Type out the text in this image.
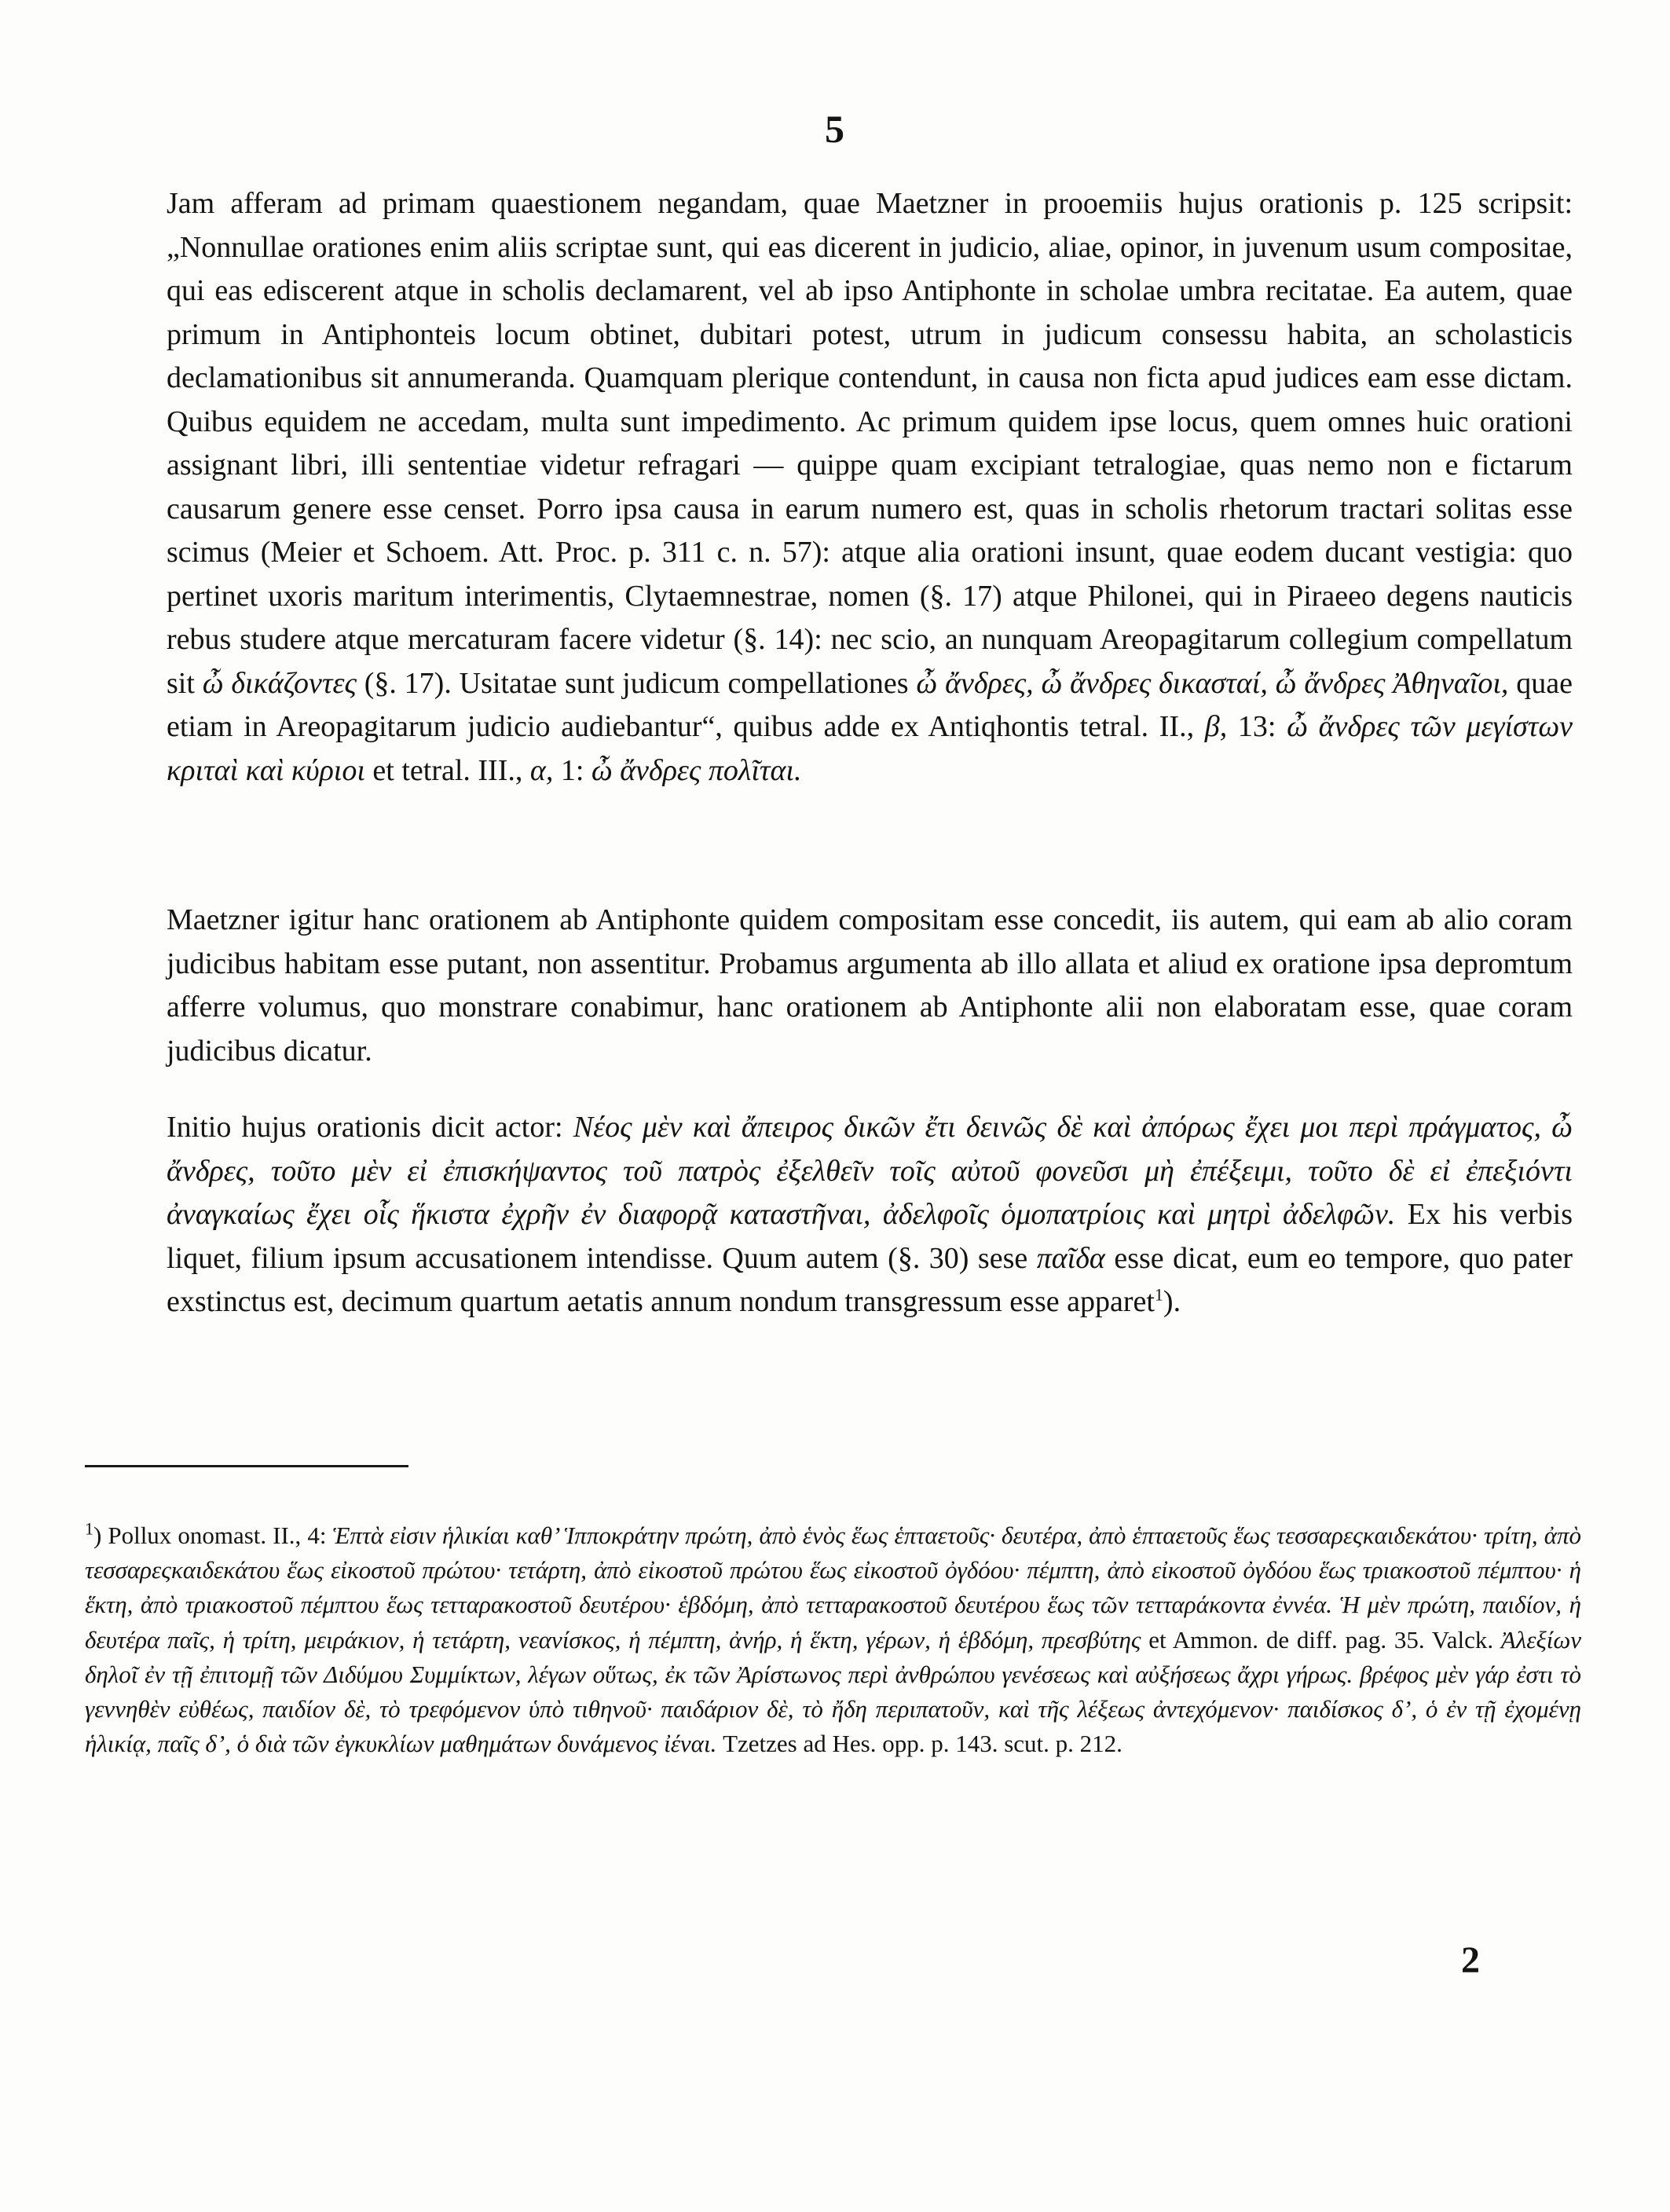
5

Jam afferam ad primam quaestionem negandam, quae Maetzner in prooemiis hujus orationis p. 125 scripsit: „Nonnullae orationes enim aliis scriptae sunt, qui eas dicerent in judicio, aliae, opinor, in juvenum usum compositae, qui eas ediscerent atque in scholis declamarent, vel ab ipso Antiphonte in scholae umbra recitatae. Ea autem, quae primum in Antiphonteis locum obtinet, dubitari potest, utrum in judicum consessu habita, an scholasticis declamationibus sit annumeranda. Quamquam plerique contendunt, in causa non ficta apud judices eam esse dictam. Quibus equidem ne accedam, multa sunt impedimento. Ac primum quidem ipse locus, quem omnes huic orationi assignant libri, illi sententiae videtur refragari — quippe quam excipiant tetralogiae, quas nemo non e fictarum causarum genere esse censet. Porro ipsa causa in earum numero est, quas in scholis rhetorum tractari solitas esse scimus (Meier et Schoem. Att. Proc. p. 311 c. n. 57): atque alia orationi insunt, quae eodem ducant vestigia: quo pertinet uxoris maritum interimentis, Clytaemnestrae, nomen (§. 17) atque Philonei, qui in Piraeeo degens nauticis rebus studere atque mercaturam facere videtur (§. 14): nec scio, an nunquam Areopagitarum collegium compellatum sit ὦ δικάζοντες (§. 17). Usitatae sunt judicum compellationes ὦ ἄνδρες, ὦ ἄνδρες δικασταί, ὦ ἄνδρες Ἀθηναῖοι, quae etiam in Areopagitarum judicio audiebantur“, quibus adde ex Antiqhontis tetral. II., β, 13: ὦ ἄνδρες τῶν μεγίστων κριταὶ καὶ κύριοι et tetral. III., α, 1: ὦ ἄνδρες πολῖται.

Maetzner igitur hanc orationem ab Antiphonte quidem compositam esse concedit, iis autem, qui eam ab alio coram judicibus habitam esse putant, non assentitur. Probamus argumenta ab illo allata et aliud ex oratione ipsa depromtum afferre volumus, quo monstrare conabimur, hanc orationem ab Antiphonte alii non elaboratam esse, quae coram judicibus dicatur.

Initio hujus orationis dicit actor: Νέος μὲν καὶ ἄπειρος δικῶν ἔτι δεινῶς δὲ καὶ ἀπόρως ἔχει μοι περὶ πράγματος, ὦ ἄνδρες, τοῦτο μὲν εἰ ἐπισκήψαντος τοῦ πατρὸς ἐξελθεῖν τοῖς αὐτοῦ φονεῦσι μὴ ἐπέξειμι, τοῦτο δὲ εἰ ἐπεξιόντι ἀναγκαίως ἔχει οἷς ἥκιστα ἐχρῆν ἐν διαφορᾷ καταστῆναι, ἀδελφοῖς ὁμοπατρίοις καὶ μητρὶ ἀδελφῶν. Ex his verbis liquet, filium ipsum accusationem intendisse. Quum autem (§. 30) sese παῖδα esse dicat, eum eo tempore, quo pater exstinctus est, decimum quartum aetatis annum nondum transgressum esse apparet$^1$).

$^1$) Pollux onomast. II., 4: Ἑπτὰ εἰσιν ἡλικίαι καθ’ Ἱπποκράτην πρώτη, ἀπὸ ἑνὸς ἕως ἑπταετοῦς· δευτέρα, ἀπὸ ἑπταετοῦς ἕως τεσσαρεςκαιδεκάτου· τρίτη, ἀπὸ τεσσαρεςκαιδεκάτου ἕως εἰκοστοῦ πρώτου· τετάρτη, ἀπὸ εἰκοστοῦ πρώτου ἕως εἰκοστοῦ ὀγδόου· πέμπτη, ἀπὸ εἰκοστοῦ ὀγδόου ἕως τριακοστοῦ πέμπτου· ἡ ἕκτη, ἀπὸ τριακοστοῦ πέμπτου ἕως τετταρακοστοῦ δευτέρου· ἑβδόμη, ἀπὸ τετταρακοστοῦ δευτέρου ἕως τῶν τετταράκοντα ἐννέα. Ἡ μὲν πρώτη, παιδίον, ἡ δευτέρα παῖς, ἡ τρίτη, μειράκιον, ἡ τετάρτη, νεανίσκος, ἡ πέμπτη, ἀνήρ, ἡ ἕκτη, γέρων, ἡ ἑβδόμη, πρεσβύτης et Ammon. de diff. pag. 35. Valck. Ἀλεξίων δηλοῖ ἐν τῇ ἐπιτομῇ τῶν Διδύμου Συμμίκτων, λέγων οὕτως, ἐκ τῶν Ἀρίστωνος περὶ ἀνθρώπου γενέσεως καὶ αὐξήσεως ἄχρι γήρως. βρέφος μὲν γάρ ἐστι τὸ γεννηθὲν εὐθέως, παιδίον δὲ, τὸ τρεφόμενον ὑπὸ τιθηνοῦ· παιδάριον δὲ, τὸ ἤδη περιπατοῦν, καὶ τῆς λέξεως ἀντεχόμενον· παιδίσκος δ’, ὁ ἐν τῇ ἐχομένῃ ἡλικίᾳ, παῖς δ’, ὁ διὰ τῶν ἐγκυκλίων μαθημάτων δυνάμενος ἰέναι. Tzetzes ad Hes. opp. p. 143. scut. p. 212.

2
